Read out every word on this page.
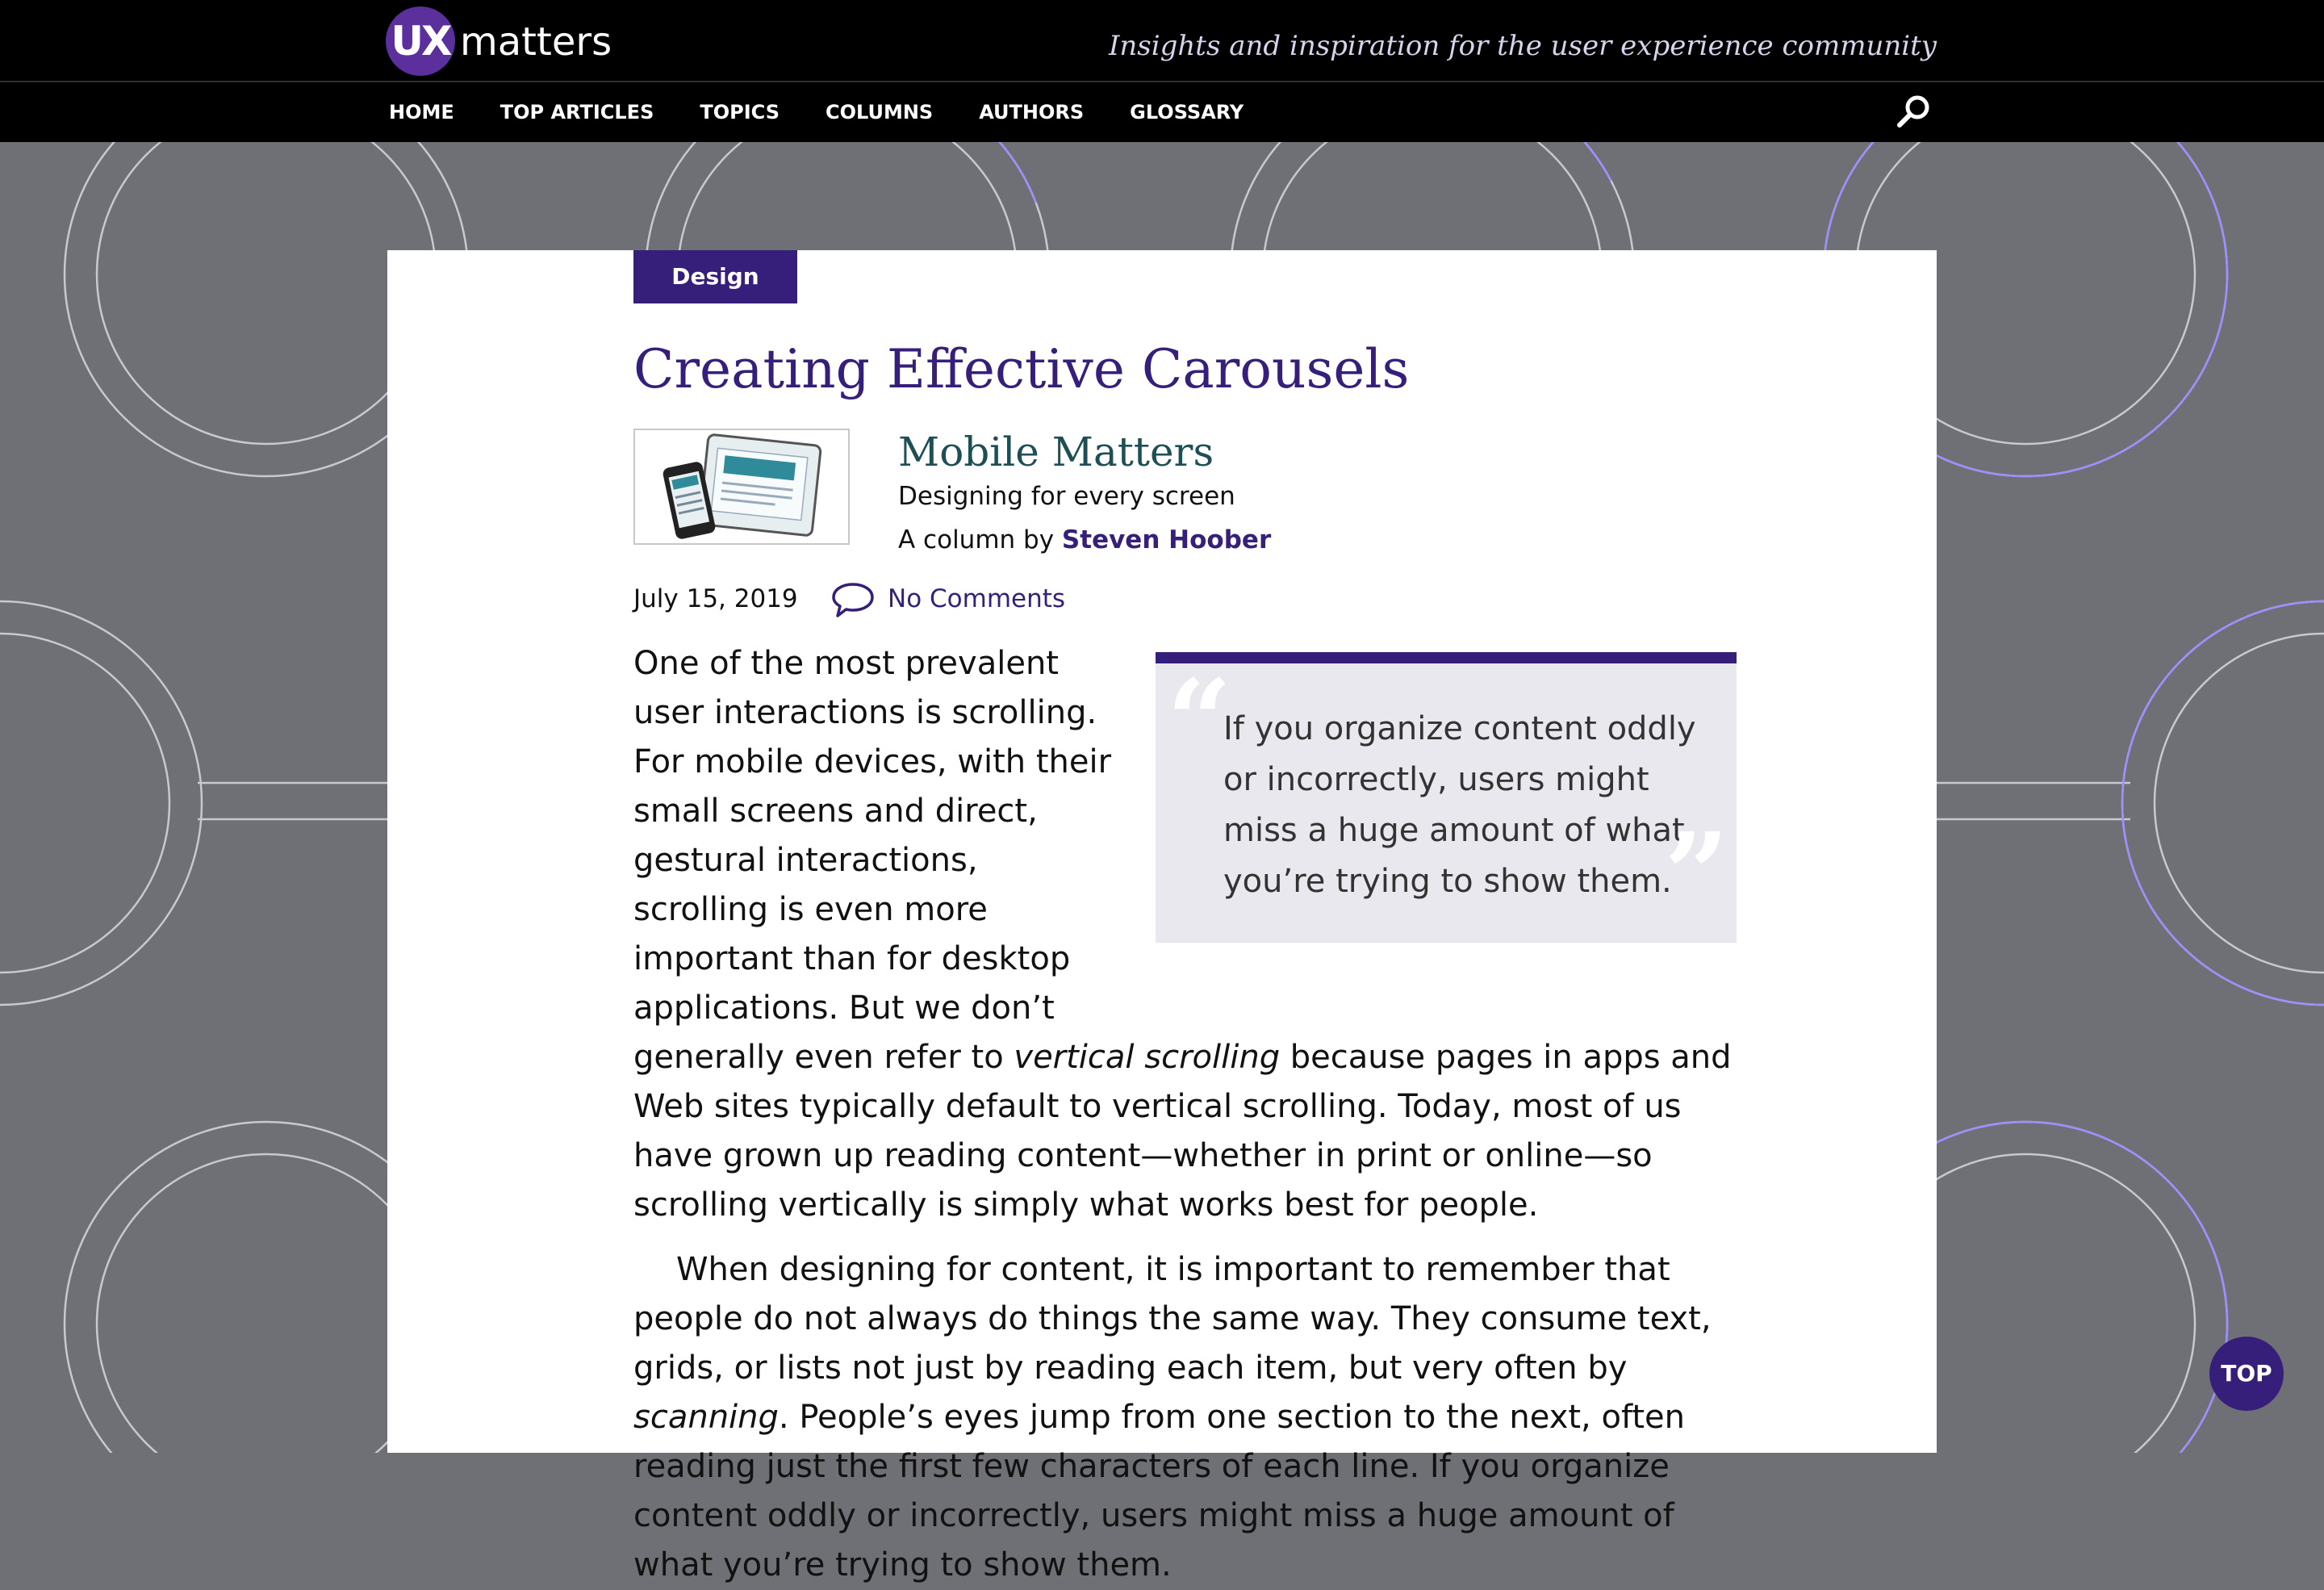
UX matters	Insights and inspiration for the user experience community
HOME TOP ARTICLES TOPICS COLUMNS AUTHORS GLOSSARY
Design
Creating Effective Carousels
Mobile Matters
Designing for every screen
A column by Steven Hoober
July 15, 2019	No Comments
“

If you organize content oddly or incorrectly, users might miss a huge amount of what you’re trying to show them.

”

One of the most prevalent user interactions is scrolling. For mobile devices, with their small screens and direct, gestural interactions, scrolling is even more important than for desktop applications. But we don’t

generally even refer to vertical scrolling because pages in apps and Web sites typically default to vertical scrolling. Today, most of us have grown up reading content—whether in print or online—so scrolling vertically is simply what works best for people.

When designing for content, it is important to remember that people do not always do things the same way. They consume text, grids, or lists not just by reading each item, but very often by scanning. People’s eyes jump from one section to the next, often reading just the first few characters of each line. If you organize content oddly or incorrectly, users might miss a huge amount of what you’re trying to show them.

TOP
